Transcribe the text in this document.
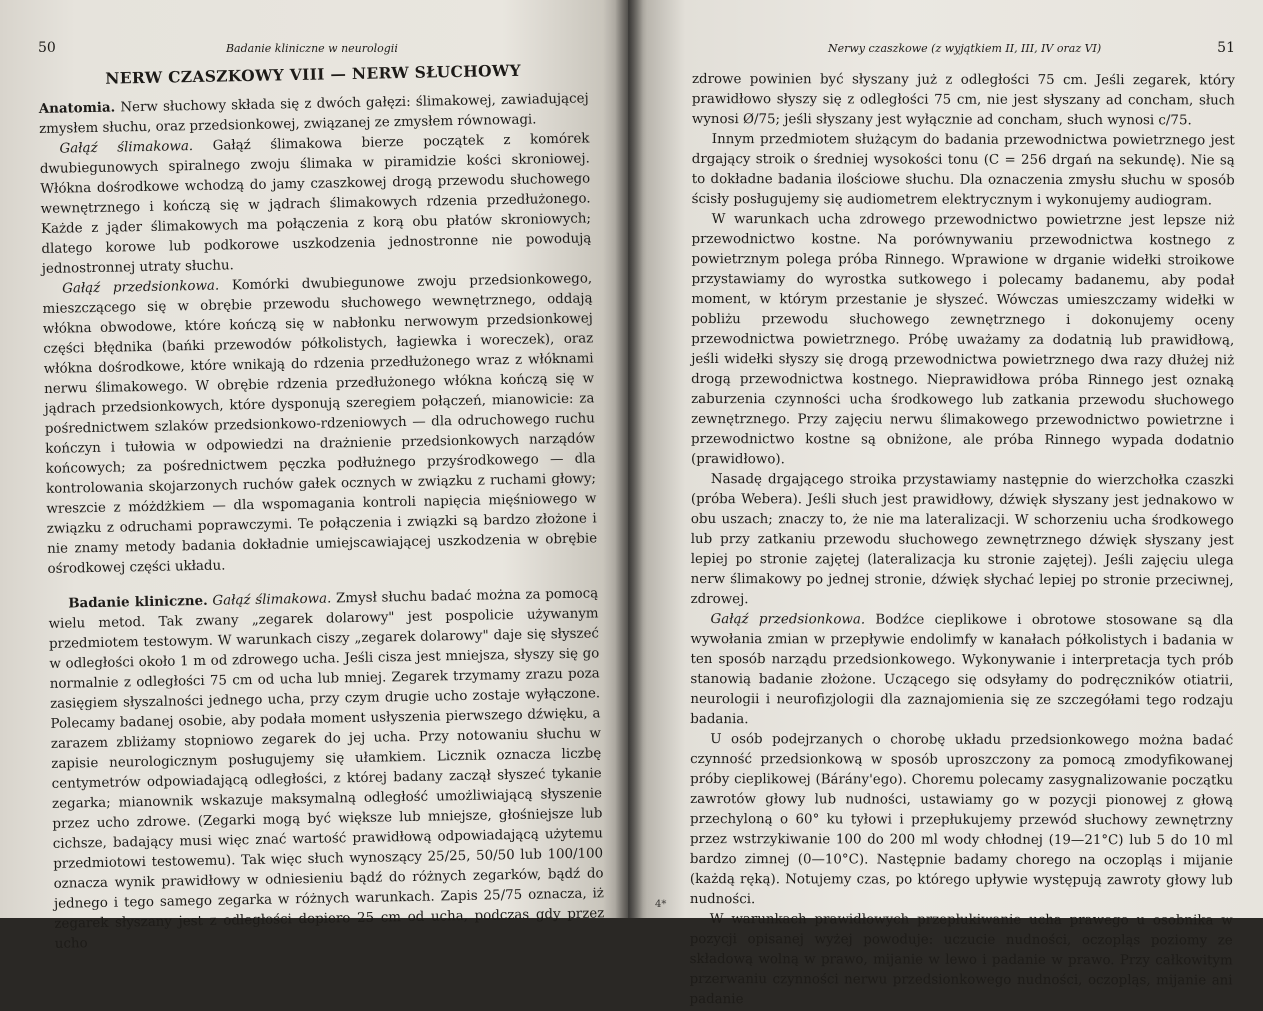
50	Badanie kliniczne w neurologii
NERW CZASZKOWY VIII — NERW SŁUCHOWY

Anatomia. Nerw słuchowy składa się z dwóch gałęzi: ślimakowej, zawiadującej zmysłem słuchu, oraz przedsionkowej, związanej ze zmysłem równowagi.

Gałąź ślimakowa. Gałąź ślimakowa bierze początek z komórek dwubiegunowych spiralnego zwoju ślimaka w piramidzie kości skroniowej. Włókna dośrodkowe wchodzą do jamy czaszkowej drogą przewodu słuchowego wewnętrznego i kończą się w jądrach ślimakowych rdzenia przedłużonego. Każde z jąder ślimakowych ma połączenia z korą obu płatów skroniowych; dlatego korowe lub podkorowe uszkodzenia jednostronne nie powodują jednostronnej utraty słuchu.

Gałąź przedsionkowa. Komórki dwubiegunowe zwoju przedsionkowego, mieszczącego się w obrębie przewodu słuchowego wewnętrznego, oddają włókna obwodowe, które kończą się w nabłonku nerwowym przedsionkowej części błędnika (bańki przewodów półkolistych, łagiewka i woreczek), oraz włókna dośrodkowe, które wnikają do rdzenia przedłużonego wraz z włóknami nerwu ślimakowego. W obrębie rdzenia przedłużonego włókna kończą się w jądrach przedsionkowych, które dysponują szeregiem połączeń, mianowicie: za pośrednictwem szlaków przedsionkowo-rdzeniowych — dla odruchowego ruchu kończyn i tułowia w odpowiedzi na drażnienie przedsionkowych narządów końcowych; za pośrednictwem pęczka podłużnego przyśrodkowego — dla kontrolowania skojarzonych ruchów gałek ocznych w związku z ruchami głowy; wreszcie z móżdżkiem — dla wspomagania kontroli napięcia mięśniowego w związku z odruchami poprawczymi. Te połączenia i związki są bardzo złożone i nie znamy metody badania dokładnie umiejscawiającej uszkodzenia w obrębie ośrodkowej części układu.

Badanie kliniczne. Gałąź ślimakowa. Zmysł słuchu badać można za pomocą wielu metod. Tak zwany „zegarek dolarowy" jest pospolicie używanym przedmiotem testowym. W warunkach ciszy „zegarek dolarowy" daje się słyszeć w odległości około 1 m od zdrowego ucha. Jeśli cisza jest mniejsza, słyszy się go normalnie z odległości 75 cm od ucha lub mniej. Zegarek trzymamy zrazu poza zasięgiem słyszalności jednego ucha, przy czym drugie ucho zostaje wyłączone. Polecamy badanej osobie, aby podała moment usłyszenia pierwszego dźwięku, a zarazem zbliżamy stopniowo zegarek do jej ucha. Przy notowaniu słuchu w zapisie neurologicznym posługujemy się ułamkiem. Licznik oznacza liczbę centymetrów odpowiadającą odległości, z której badany zaczął słyszeć tykanie zegarka; mianownik wskazuje maksymalną odległość umożliwiającą słyszenie przez ucho zdrowe. (Zegarki mogą być większe lub mniejsze, głośniejsze lub cichsze, badający musi więc znać wartość prawidłową odpowiadającą użytemu przedmiotowi testowemu). Tak więc słuch wynoszący 25/25, 50/50 lub 100/100 oznacza wynik prawidłowy w odniesieniu bądź do różnych zegarków, bądź do jednego i tego samego zegarka w różnych warunkach. Zapis 25/75 oznacza, iż zegarek słyszany jest z odległości dopiero 25 cm od ucha, podczas gdy przez ucho

Nerwy czaszkowe (z wyjątkiem II, III, IV oraz VI)	51

zdrowe powinien być słyszany już z odległości 75 cm. Jeśli zegarek, który prawidłowo słyszy się z odległości 75 cm, nie jest słyszany ad concham, słuch wynosi Ø/75; jeśli słyszany jest wyłącznie ad concham, słuch wynosi c/75.

Innym przedmiotem służącym do badania przewodnictwa powietrznego jest drgający stroik o średniej wysokości tonu (C = 256 drgań na sekundę). Nie są to dokładne badania ilościowe słuchu. Dla oznaczenia zmysłu słuchu w sposób ścisły posługujemy się audiometrem elektrycznym i wykonujemy audiogram.

W warunkach ucha zdrowego przewodnictwo powietrzne jest lepsze niż przewodnictwo kostne. Na porównywaniu przewodnictwa kostnego z powietrznym polega próba Rinnego. Wprawione w drganie widełki stroikowe przystawiamy do wyrostka sutkowego i polecamy badanemu, aby podał moment, w którym przestanie je słyszeć. Wówczas umieszczamy widełki w pobliżu przewodu słuchowego zewnętrznego i dokonujemy oceny przewodnictwa powietrznego. Próbę uważamy za dodatnią lub prawidłową, jeśli widełki słyszy się drogą przewodnictwa powietrznego dwa razy dłużej niż drogą przewodnictwa kostnego. Nieprawidłowa próba Rinnego jest oznaką zaburzenia czynności ucha środkowego lub zatkania przewodu słuchowego zewnętrznego. Przy zajęciu nerwu ślimakowego przewodnictwo powietrzne i przewodnictwo kostne są obniżone, ale próba Rinnego wypada dodatnio (prawidłowo).

Nasadę drgającego stroika przystawiamy następnie do wierzchołka czaszki (próba Webera). Jeśli słuch jest prawidłowy, dźwięk słyszany jest jednakowo w obu uszach; znaczy to, że nie ma lateralizacji. W schorzeniu ucha środkowego lub przy zatkaniu przewodu słuchowego zewnętrznego dźwięk słyszany jest lepiej po stronie zajętej (lateralizacja ku stronie zajętej). Jeśli zajęciu ulega nerw ślimakowy po jednej stronie, dźwięk słychać lepiej po stronie przeciwnej, zdrowej.

Gałąź przedsionkowa. Bodźce cieplikowe i obrotowe stosowane są dla wywołania zmian w przepływie endolimfy w kanałach półkolistych i badania w ten sposób narządu przedsionkowego. Wykonywanie i interpretacja tych prób stanowią badanie złożone. Uczącego się odsyłamy do podręczników otiatrii, neurologii i neurofizjologii dla zaznajomienia się ze szczegółami tego rodzaju badania.

U osób podejrzanych o chorobę układu przedsionkowego można badać czynność przedsionkową w sposób uproszczony za pomocą zmodyfikowanej próby cieplikowej (Bárány'ego). Choremu polecamy zasygnalizowanie początku zawrotów głowy lub nudności, ustawiamy go w pozycji pionowej z głową przechyloną o 60° ku tyłowi i przepłukujemy przewód słuchowy zewnętrzny przez wstrzykiwanie 100 do 200 ml wody chłodnej (19—21°C) lub 5 do 10 ml bardzo zimnej (0—10°C). Następnie badamy chorego na oczopląs i mijanie (każdą ręką). Notujemy czas, po którego upływie występują zawroty głowy lub nudności.

W warunkach prawidłowych przepłukiwanie ucha prawego u osobnika w pozycji opisanej wyżej powoduje: uczucie nudności, oczopląs poziomy ze składową wolną w prawo, mijanie w lewo i padanie w prawo. Przy całkowitym przerwaniu czynności nerwu przedsionkowego nudności, oczopląs, mijanie ani padanie

4*
